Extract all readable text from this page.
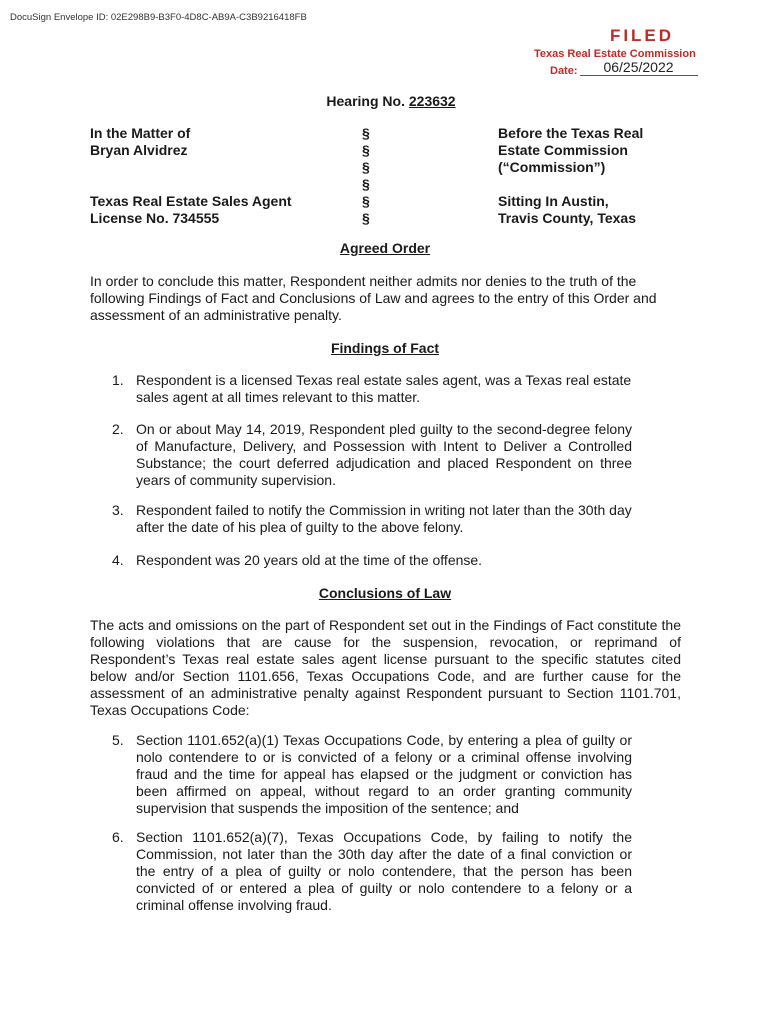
DocuSign Envelope ID: 02E298B9-B3F0-4D8C-AB9A-C3B9216418FB
FILED
Texas Real Estate Commission
Date: 06/25/2022
Hearing No. 223632
In the Matter of
Bryan Alvidrez
Texas Real Estate Sales Agent
License No. 734555
§
§
§
§
§
§
Before the Texas Real
Estate Commission
(“Commission”)
Sitting In Austin,
Travis County, Texas
Agreed Order
In order to conclude this matter, Respondent neither admits nor denies to the truth of the following Findings of Fact and Conclusions of Law and agrees to the entry of this Order and assessment of an administrative penalty.
Findings of Fact
1. Respondent is a licensed Texas real estate sales agent, was a Texas real estate sales agent at all times relevant to this matter.
2. On or about May 14, 2019, Respondent pled guilty to the second-degree felony of Manufacture, Delivery, and Possession with Intent to Deliver a Controlled Substance; the court deferred adjudication and placed Respondent on three years of community supervision.
3. Respondent failed to notify the Commission in writing not later than the 30th day after the date of his plea of guilty to the above felony.
4. Respondent was 20 years old at the time of the offense.
Conclusions of Law
The acts and omissions on the part of Respondent set out in the Findings of Fact constitute the following violations that are cause for the suspension, revocation, or reprimand of Respondent’s Texas real estate sales agent license pursuant to the specific statutes cited below and/or Section 1101.656, Texas Occupations Code, and are further cause for the assessment of an administrative penalty against Respondent pursuant to Section 1101.701, Texas Occupations Code:
5. Section 1101.652(a)(1) Texas Occupations Code, by entering a plea of guilty or nolo contendere to or is convicted of a felony or a criminal offense involving fraud and the time for appeal has elapsed or the judgment or conviction has been affirmed on appeal, without regard to an order granting community supervision that suspends the imposition of the sentence; and
6. Section 1101.652(a)(7), Texas Occupations Code, by failing to notify the Commission, not later than the 30th day after the date of a final conviction or the entry of a plea of guilty or nolo contendere, that the person has been convicted of or entered a plea of guilty or nolo contendere to a felony or a criminal offense involving fraud.
